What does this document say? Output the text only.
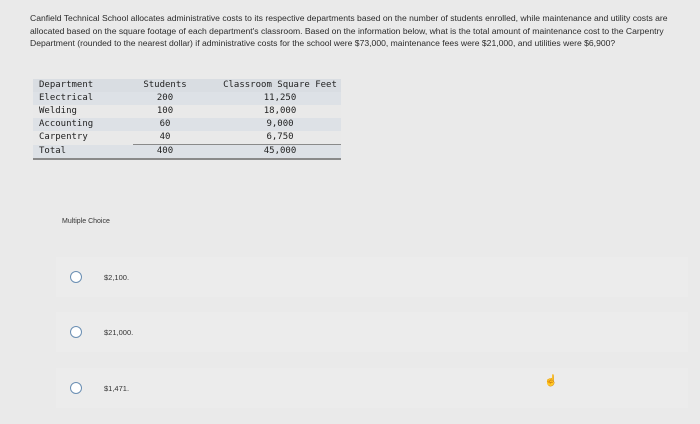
Canfield Technical School allocates administrative costs to its respective departments based on the number of students enrolled, while maintenance and utility costs are allocated based on the square footage of each department's classroom. Based on the information below, what is the total amount of maintenance cost to the Carpentry Department (rounded to the nearest dollar) if administrative costs for the school were $73,000, maintenance fees were $21,000, and utilities were $6,900?
Department	Students		Classroom Square Feet
Electrical	200		11,250
Welding	100		18,000
Accounting	60		9,000
Carpentry	40		6,750
Total	400		45,000
Multiple Choice
$2,100.
$21,000.
$1,471.
☝
